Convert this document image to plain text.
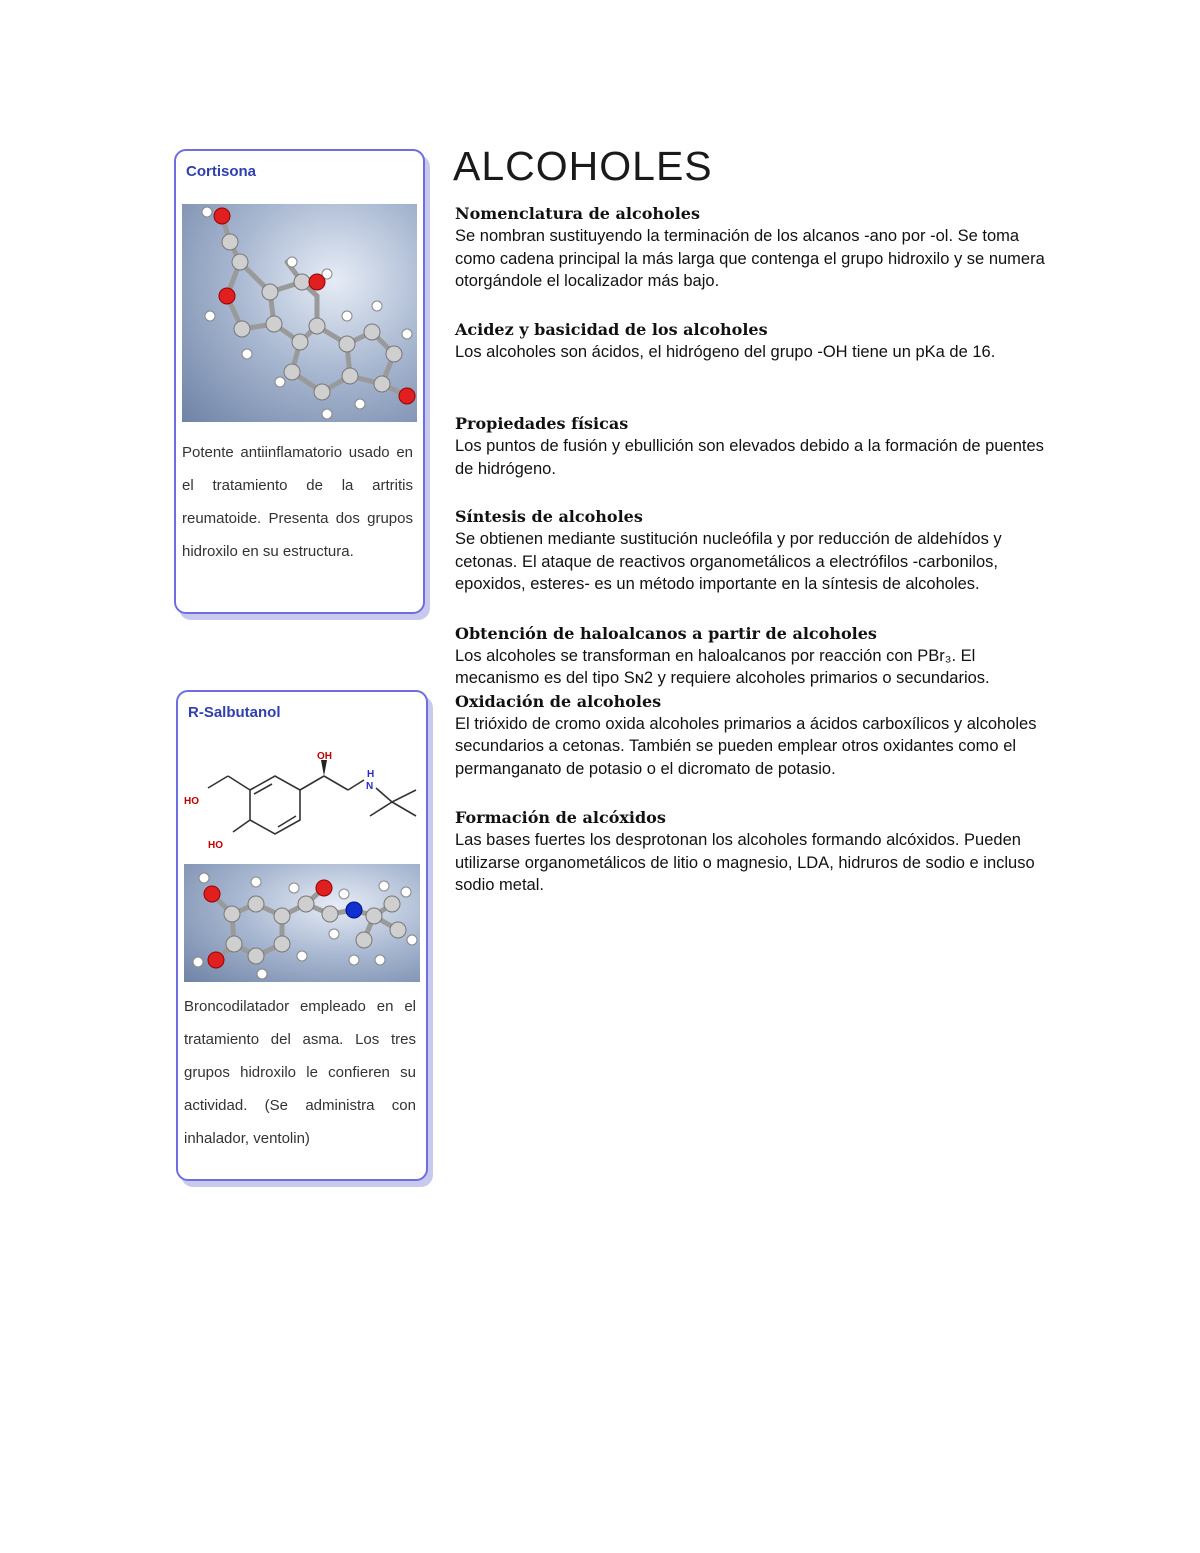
Cortisona
Potente antiinflamatorio usado en el tratamiento de la artritis reumatoide. Presenta dos grupos hidroxilo en su estructura.
R-Salbutanol
OH
H
N
HO
HO
Broncodilatador empleado en el tratamiento del asma. Los tres grupos hidroxilo le confieren su actividad. (Se administra con inhalador, ventolin)
ALCOHOLES

Nomenclatura de alcoholes

Se nombran sustituyendo la terminación de los alcanos -ano por -ol. Se toma como cadena principal la más larga que contenga el grupo hidroxilo y se numera otorgándole el localizador más bajo.

Acidez y basicidad de los alcoholes

Los alcoholes son ácidos, el hidrógeno del grupo -OH tiene un pKa de 16.

Propiedades físicas

Los puntos de fusión y ebullición son elevados debido a la formación de puentes de hidrógeno.

Síntesis de alcoholes

Se obtienen mediante sustitución nucleófila y por reducción de aldehídos y cetonas. El ataque de reactivos organometálicos a electrófilos -carbonilos, epoxidos, esteres- es un método importante en la síntesis de alcoholes.

Obtención de haloalcanos a partir de alcoholes

Los alcoholes se transforman en haloalcanos por reacción con PBr₃. El mecanismo es del tipo Sɴ2 y requiere alcoholes primarios o secundarios.

Oxidación de alcoholes

El trióxido de cromo oxida alcoholes primarios a ácidos carboxílicos y alcoholes secundarios a cetonas. También se pueden emplear otros oxidantes como el permanganato de potasio o el dicromato de potasio.

Formación de alcóxidos

Las bases fuertes los desprotonan los alcoholes formando alcóxidos. Pueden utilizarse organometálicos de litio o magnesio, LDA, hidruros de sodio e incluso sodio metal.
